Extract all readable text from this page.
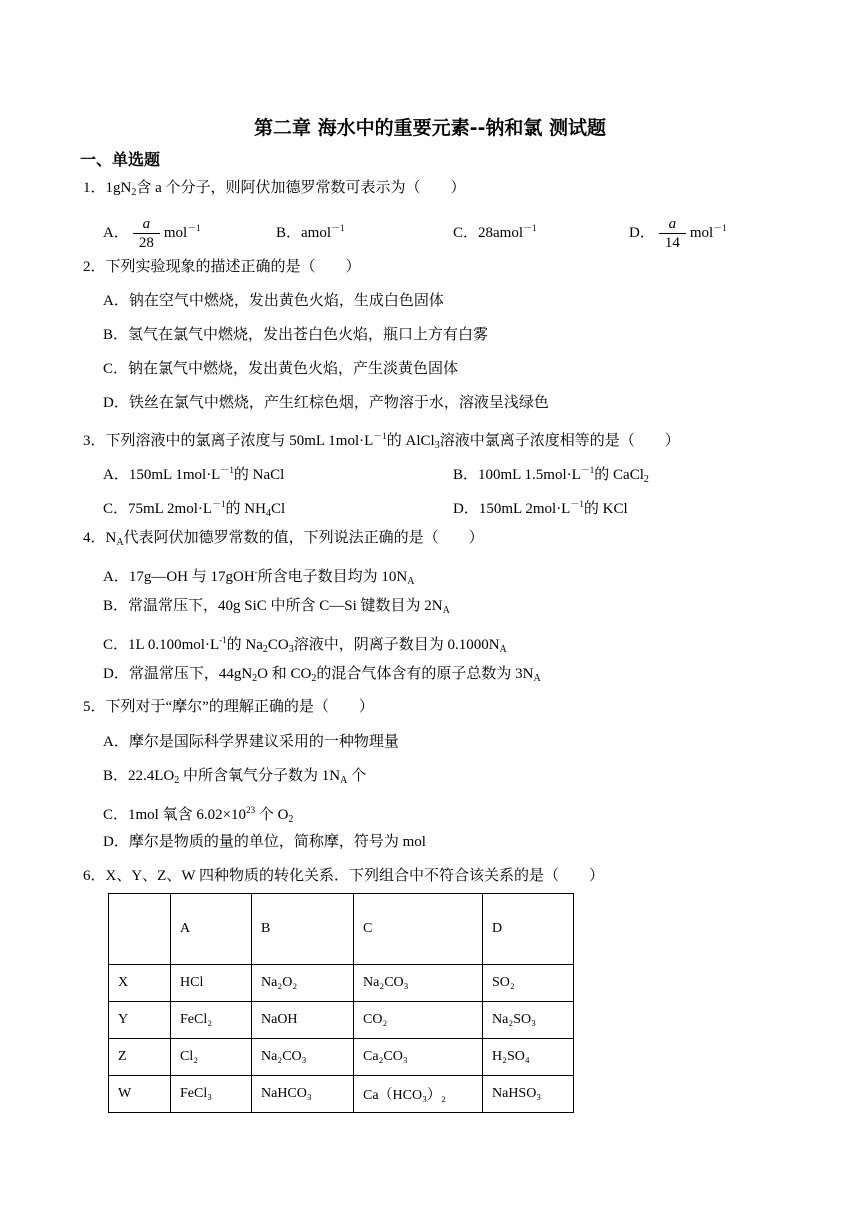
第二章 海水中的重要元素--钠和氯 测试题
一、单选题
1．$1gN_2$含 a 个分子，则阿伏加德罗常数可表示为（　　）
A． $\frac{a}{28} mol^{-1}$	B．amol$^{-1}$	C．28amol$^{-1}$	D． $\frac{a}{14} mol^{-1}$
2．下列实验现象的描述正确的是（　　）
A．钠在空气中燃烧，发出黄色火焰，生成白色固体
B．氢气在氯气中燃烧，发出苍白色火焰，瓶口上方有白雾
C．钠在氯气中燃烧，发出黄色火焰，产生淡黄色固体
D．铁丝在氯气中燃烧，产生红棕色烟，产物溶于水，溶液呈浅绿色
3．下列溶液中的氯离子浓度与 50mL $1mol\cdot L^{-1}$的 AlCl$_3$溶液中氯离子浓度相等的是（　　）
A．150mL $1mol\cdot L^{-1}$的 NaCl	B．100mL $1.5mol\cdot L^{-1}$的 CaCl$_2$
C．75mL $2mol\cdot L^{-1}$的 $NH_4Cl$	D．150mL $2mol\cdot L^{-1}$的 KCl
4．$N_A$代表阿伏加德罗常数的值，下列说法正确的是（　　）
A．17g—OH 与 17gOH-所含电子数目均为 $10N_A$
B．常温常压下，40g SiC 中所含 C—Si 键数目为 $2N_A$
C．1L $0.100mol\cdot L^{-1}$的 $Na_2CO_3$溶液中，阴离子数目为 $0.1000N_A$
D．常温常压下，$44gN_2O$ 和 $CO_2$的混合气体含有的原子总数为 $3N_A$
5．下列对于“摩尔”的理解正确的是（　　）
A．摩尔是国际科学界建议采用的一种物理量
B．$22.4LO_2$ 中所含氧气分子数为 $1N_A$ 个
C．1mol 氧含 $6.02\times 10^{23}$ 个 $O_2$
D．摩尔是物质的量的单位，简称摩，符号为 mol
6．X、Y、Z、W 四种物质的转化关系．下列组合中不符合该关系的是（　　）
	A	B	C	D
X	HCl	Na₂O₂	Na₂CO₃	SO₂
Y	FeCl₂	NaOH	CO₂	Na₂SO₃
Z	Cl₂	Na₂CO₃	Ca₂CO₃	H₂SO₄
W	FeCl₃	NaHCO₃	Ca（HCO₃）₂	NaHSO₃
